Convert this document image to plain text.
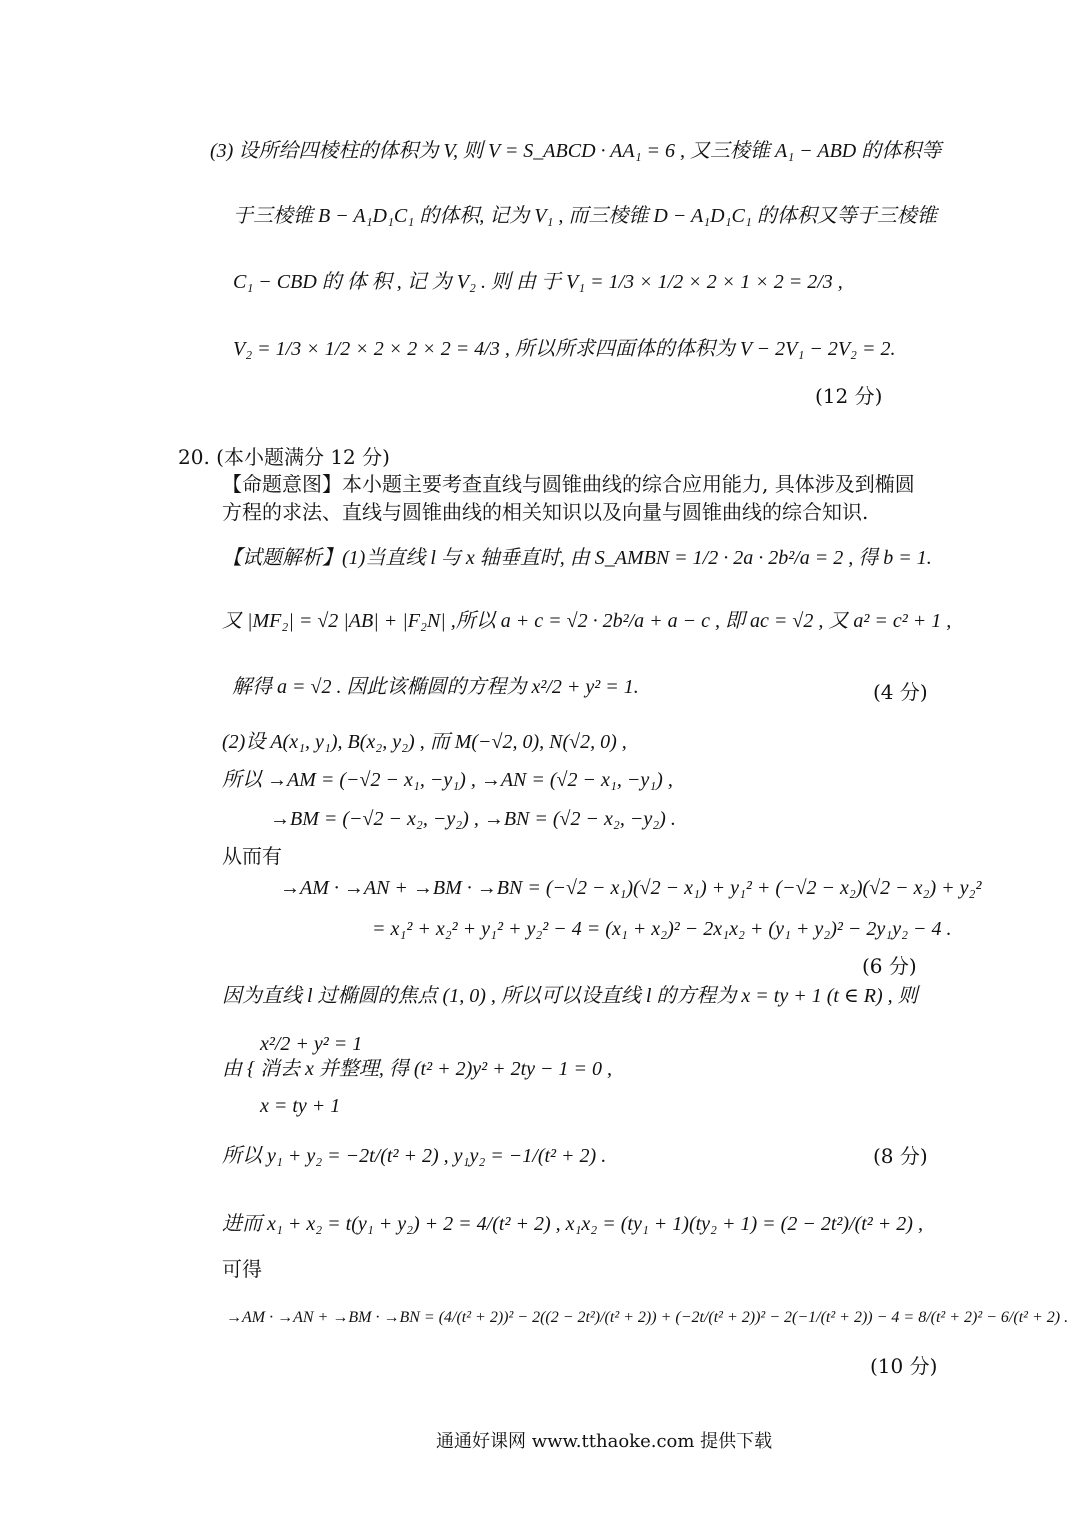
(3) 设所给四棱柱的体积为 V, 则 V = S_ABCD · AA₁ = 6 , 又三棱锥 A₁ − ABD 的体积等
于三棱锥 B − A₁D₁C₁ 的体积, 记为 V₁ , 而三棱锥 D − A₁D₁C₁ 的体积又等于三棱锥
C₁ − CBD 的 体 积 , 记 为 V₂ . 则 由 于 V₁ = 1/3 × 1/2 × 2 × 1 × 2 = 2/3 ,
V₂ = 1/3 × 1/2 × 2 × 2 × 2 = 4/3 , 所以所求四面体的体积为 V − 2V₁ − 2V₂ = 2.
(12 分)
20. (本小题满分 12 分)
【命题意图】本小题主要考查直线与圆锥曲线的综合应用能力, 具体涉及到椭圆
方程的求法、直线与圆锥曲线的相关知识以及向量与圆锥曲线的综合知识.
【试题解析】(1)当直线 l 与 x 轴垂直时, 由 S_AMBN = 1/2 · 2a · 2b²/a = 2 , 得 b = 1.
又 |MF₂| = √2 |AB| + |F₂N| ,所以 a + c = √2 · 2b²/a + a − c , 即 ac = √2 , 又 a² = c² + 1 ,
解得 a = √2 . 因此该椭圆的方程为 x²/2 + y² = 1.	(4 分)
(2)设 A(x₁, y₁), B(x₂, y₂) , 而 M(−√2, 0), N(√2, 0) ,
所以 →AM = (−√2 − x₁, −y₁) , →AN = (√2 − x₁, −y₁) ,
→BM = (−√2 − x₂, −y₂) , →BN = (√2 − x₂, −y₂) .
从而有
→AM · →AN + →BM · →BN = (−√2 − x₁)(√2 − x₁) + y₁² + (−√2 − x₂)(√2 − x₂) + y₂²
= x₁² + x₂² + y₁² + y₂² − 4 = (x₁ + x₂)² − 2x₁x₂ + (y₁ + y₂)² − 2y₁y₂ − 4 .
(6 分)
因为直线 l 过椭圆的焦点 (1, 0) , 所以可以设直线 l 的方程为 x = ty + 1 (t ∈ R) , 则
x²/2 + y² = 1
由 { 消去 x 并整理, 得 (t² + 2)y² + 2ty − 1 = 0 ,
x = ty + 1
所以 y₁ + y₂ = −2t/(t² + 2) , y₁y₂ = −1/(t² + 2) .	(8 分)
进而 x₁ + x₂ = t(y₁ + y₂) + 2 = 4/(t² + 2) , x₁x₂ = (ty₁ + 1)(ty₂ + 1) = (2 − 2t²)/(t² + 2) ,
可得
→AM · →AN + →BM · →BN = (4/(t² + 2))² − 2((2 − 2t²)/(t² + 2)) + (−2t/(t² + 2))² − 2(−1/(t² + 2)) − 4 = 8/(t² + 2)² − 6/(t² + 2) .
(10 分)
通通好课网 www.tthaoke.com 提供下载
